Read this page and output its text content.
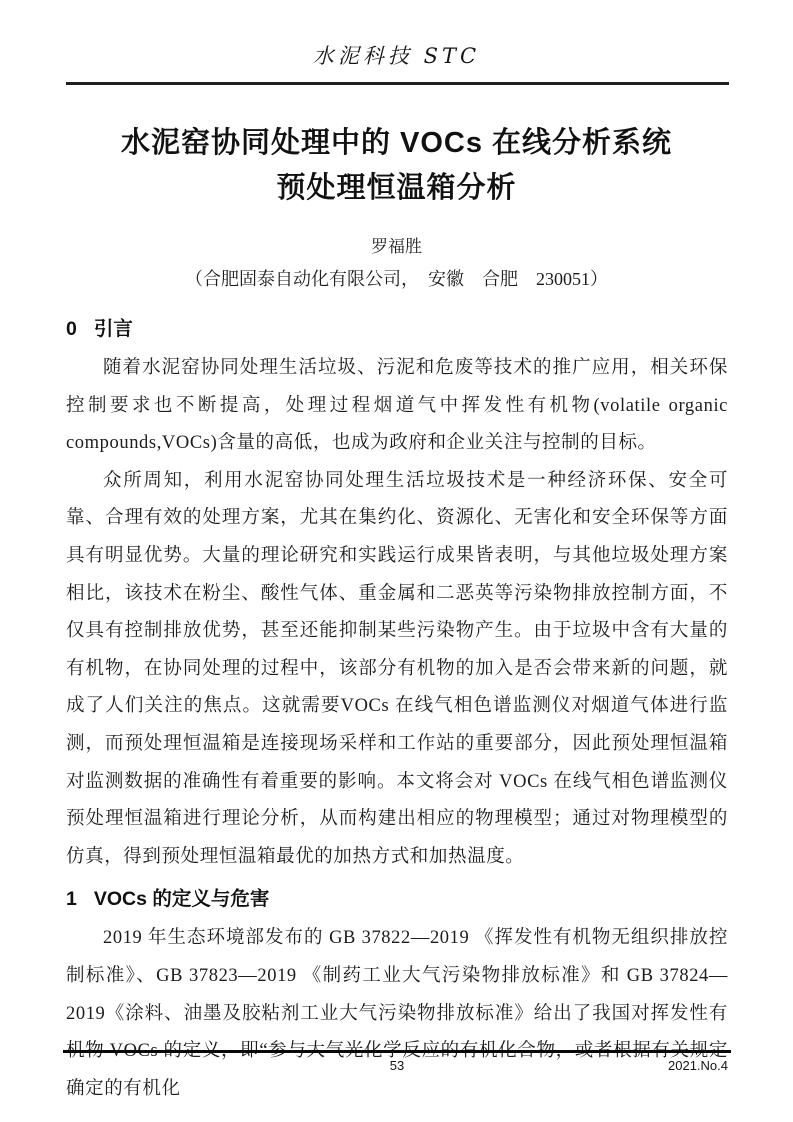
水泥科技 STC
水泥窑协同处理中的 VOCs 在线分析系统
预处理恒温箱分析
罗福胜
（合肥固泰自动化有限公司，　安徽　合肥　230051）
0 引言

随着水泥窑协同处理生活垃圾、污泥和危废等技术的推广应用，相关环保控制要求也不断提高，处理过程烟道气中挥发性有机物(volatile organic compounds,VOCs)含量的高低，也成为政府和企业关注与控制的目标。

众所周知，利用水泥窑协同处理生活垃圾技术是一种经济环保、安全可靠、合理有效的处理方案，尤其在集约化、资源化、无害化和安全环保等方面具有明显优势。大量的理论研究和实践运行成果皆表明，与其他垃圾处理方案相比，该技术在粉尘、酸性气体、重金属和二恶英等污染物排放控制方面，不仅具有控制排放优势，甚至还能抑制某些污染物产生。由于垃圾中含有大量的有机物，在协同处理的过程中，该部分有机物的加入是否会带来新的问题，就成了人们关注的焦点。这就需要VOCs 在线气相色谱监测仪对烟道气体进行监测，而预处理恒温箱是连接现场采样和工作站的重要部分，因此预处理恒温箱对监测数据的准确性有着重要的影响。本文将会对 VOCs 在线气相色谱监测仪预处理恒温箱进行理论分析，从而构建出相应的物理模型；通过对物理模型的仿真，得到预处理恒温箱最优的加热方式和加热温度。

1 VOCs 的定义与危害

2019 年生态环境部发布的 GB 37822—2019 《挥发性有机物无组织排放控制标准》、GB 37823—2019 《制药工业大气污染物排放标准》和 GB 37824—2019《涂料、油墨及胶粘剂工业大气污染物排放标准》给出了我国对挥发性有机物 VOCs 的定义，即“参与大气光化学反应的有机化合物，或者根据有关规定确定的有机化

53	2021.No.4
